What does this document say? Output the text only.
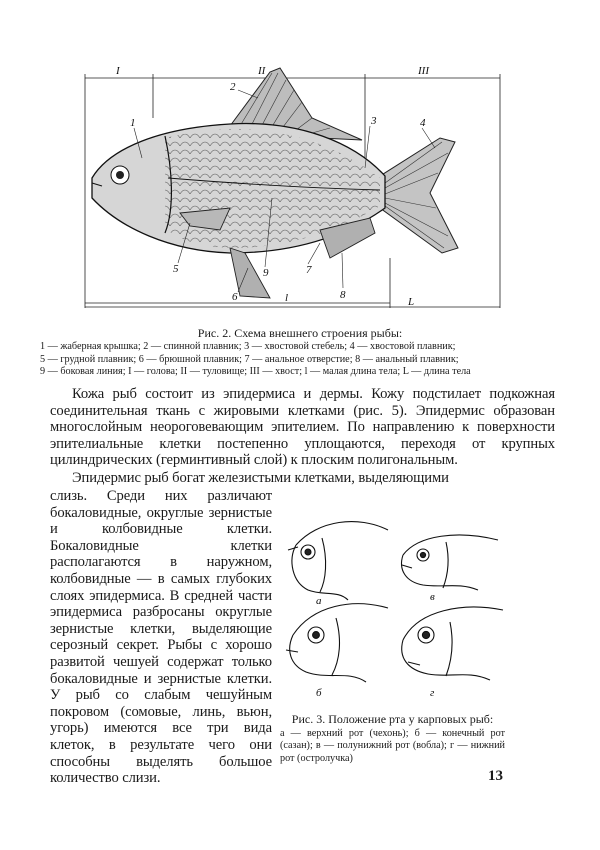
I	II	III
1
2
3	4
5
6
7
8
9
l	L
Рис. 2. Схема внешнего строения рыбы:
1 — жаберная крышка; 2 — спинной плавник; 3 — хвостовой стебель; 4 — хвостовой плавник;
5 — грудной плавник; 6 — брюшной плавник; 7 — анальное отверстие; 8 — анальный плавник;
9 — боковая линия; I — голова; II — туловище; III — хвост; l — малая длина тела; L — длина тела
Кожа рыб состоит из эпидермиса и дермы. Кожу подстилает подкожная соединительная ткань с жировыми клетками (рис. 5). Эпидермис образован многослойным неороговевающим эпителием. По направлению к поверхности эпителиальные клетки постепенно уплощаются, переходя от крупных цилиндрических (герминтивный слой) к плоским полигональным.
Эпидермис рыб богат железистыми клетками, выделяющими
слизь. Среди них различают бокаловидные, округлые зернистые и колбовидные клетки. Бокаловидные клетки располагаются в наружном, колбовидные — в самых глубоких слоях эпидермиса. В средней части эпидермиса разбросаны округлые зернистые клетки, выделяющие серозный секрет. Рыбы с хорошо развитой чешуей содержат только бокаловидные и зернистые клетки. У рыб со слабым чешуйным покровом (сомовые, линь, вьюн, угорь) имеются все три вида клеток, в результате чего они способны выделять большое количество слизи.
а	в
б	г
Рис. 3. Положение рта у карповых рыб:
а — верхний рот (чехонь); б — конечный рот (сазан); в — полунижний рот (вобла); г — нижний рот (остролучка)
13
